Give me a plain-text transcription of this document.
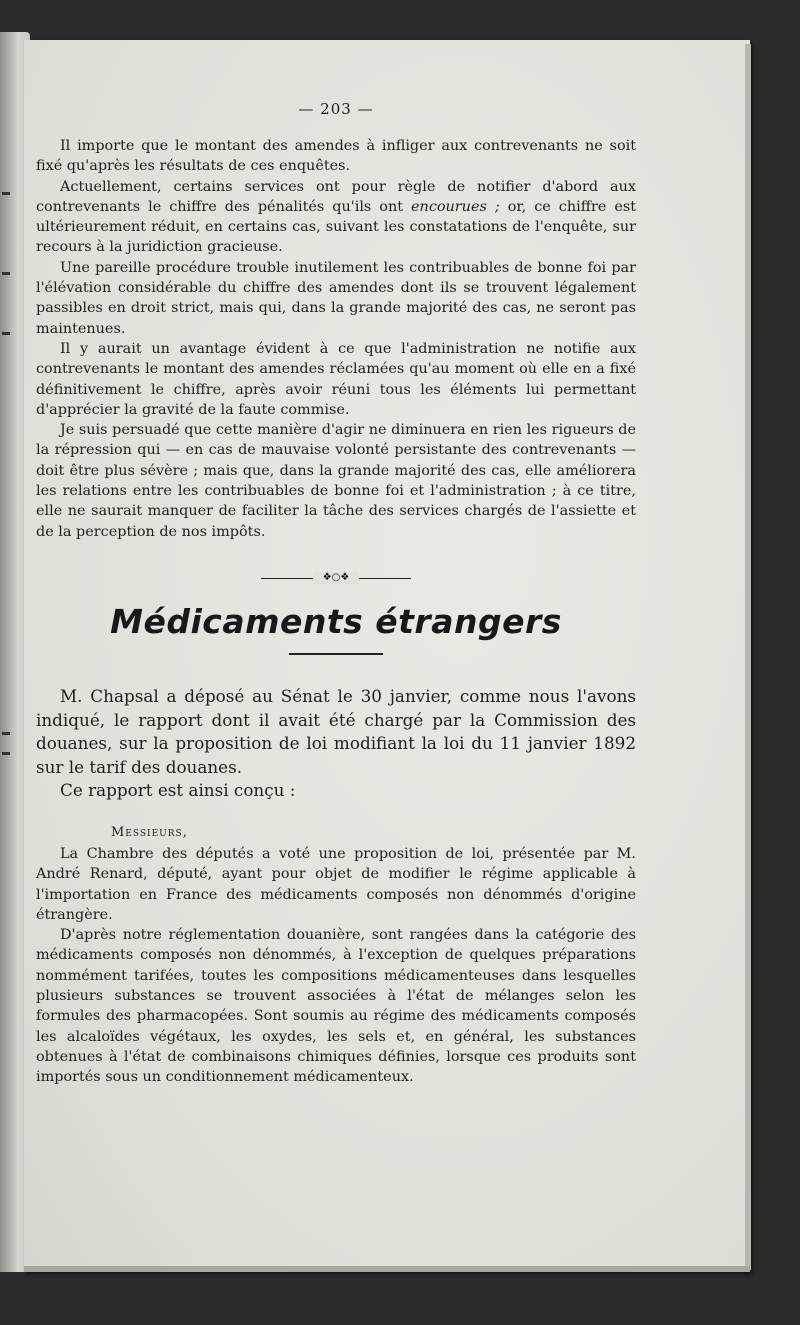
— 203 —

Il importe que le montant des amendes à infliger aux contrevenants ne soit fixé qu'après les résultats de ces enquêtes.

Actuellement, certains services ont pour règle de notifier d'abord aux contrevenants le chiffre des pénalités qu'ils ont encourues ; or, ce chiffre est ultérieurement réduit, en certains cas, suivant les constatations de l'enquête, sur recours à la juridiction gracieuse.

Une pareille procédure trouble inutilement les contribuables de bonne foi par l'élévation considérable du chiffre des amendes dont ils se trouvent légalement passibles en droit strict, mais qui, dans la grande majorité des cas, ne seront pas maintenues.

Il y aurait un avantage évident à ce que l'administration ne notifie aux contrevenants le montant des amendes réclamées qu'au moment où elle en a fixé définitivement le chiffre, après avoir réuni tous les éléments lui permettant d'apprécier la gravité de la faute commise.

Je suis persuadé que cette manière d'agir ne diminuera en rien les rigueurs de la répression qui — en cas de mauvaise volonté persistante des contrevenants — doit être plus sévère ; mais que, dans la grande majorité des cas, elle améliorera les relations entre les contribuables de bonne foi et l'administration ; à ce titre, elle ne saurait manquer de faciliter la tâche des services chargés de l'assiette et de la perception de nos impôts.

❖○❖
Médicaments étrangers

M. Chapsal a déposé au Sénat le 30 janvier, comme nous l'avons indiqué, le rapport dont il avait été chargé par la Commission des douanes, sur la proposition de loi modifiant la loi du 11 janvier 1892 sur le tarif des douanes.

Ce rapport est ainsi conçu :

Messieurs,

La Chambre des députés a voté une proposition de loi, présentée par M. André Renard, député, ayant pour objet de modifier le régime applicable à l'importation en France des médicaments composés non dénommés d'origine étrangère.

D'après notre réglementation douanière, sont rangées dans la catégorie des médicaments composés non dénommés, à l'exception de quelques préparations nommément tarifées, toutes les compositions médicamenteuses dans lesquelles plusieurs substances se trouvent associées à l'état de mélanges selon les formules des pharmacopées. Sont soumis au régime des médicaments composés les alcaloïdes végétaux, les oxydes, les sels et, en général, les substances obtenues à l'état de combinaisons chimiques définies, lorsque ces produits sont importés sous un conditionnement médicamenteux.
